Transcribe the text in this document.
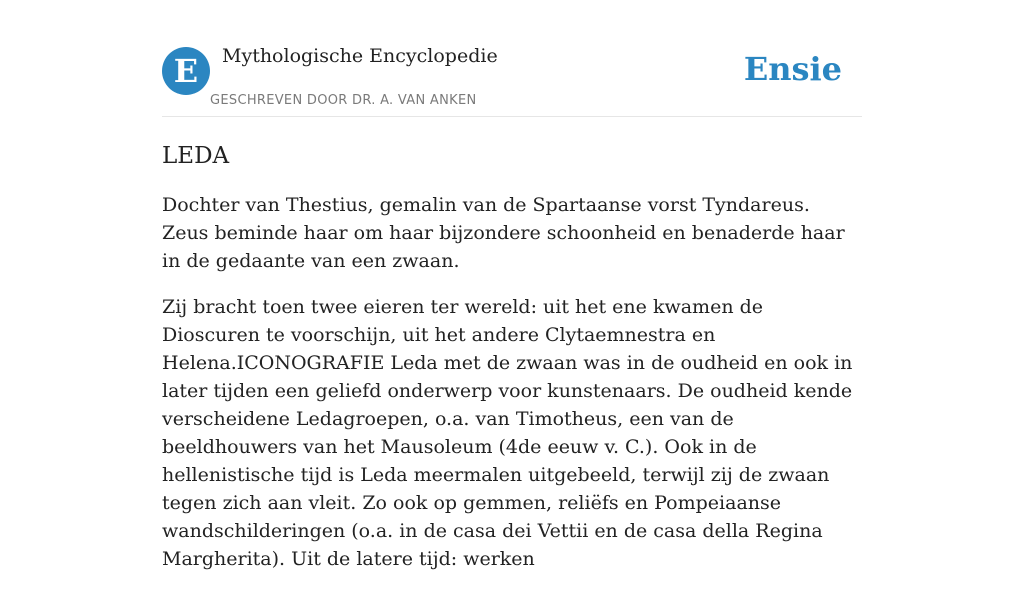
E	Mythologische Encyclopedie
GESCHREVEN DOOR DR. A. VAN ANKEN
Ensie
LEDA

Dochter van Thestius, gemalin van de Spartaanse vorst Tyndareus. Zeus beminde haar om haar bijzondere schoonheid en benaderde haar in de gedaante van een zwaan.

Zij bracht toen twee eieren ter wereld: uit het ene kwamen de Dioscuren te voorschijn, uit het andere Clytaemnestra en Helena.ICONOGRAFIE Leda met de zwaan was in de oudheid en ook in later tijden een geliefd onderwerp voor kunstenaars. De oudheid kende verscheidene Ledagroepen, o.a. van Timotheus, een van de beeldhouwers van het Mausoleum (4de eeuw v. C.). Ook in de hellenistische tijd is Leda meermalen uitgebeeld, terwijl zij de zwaan tegen zich aan vleit. Zo ook op gemmen, reliëfs en Pompeiaanse wandschilderingen (o.a. in de casa dei Vettii en de casa della Regina Margherita). Uit de latere tijd: werken
